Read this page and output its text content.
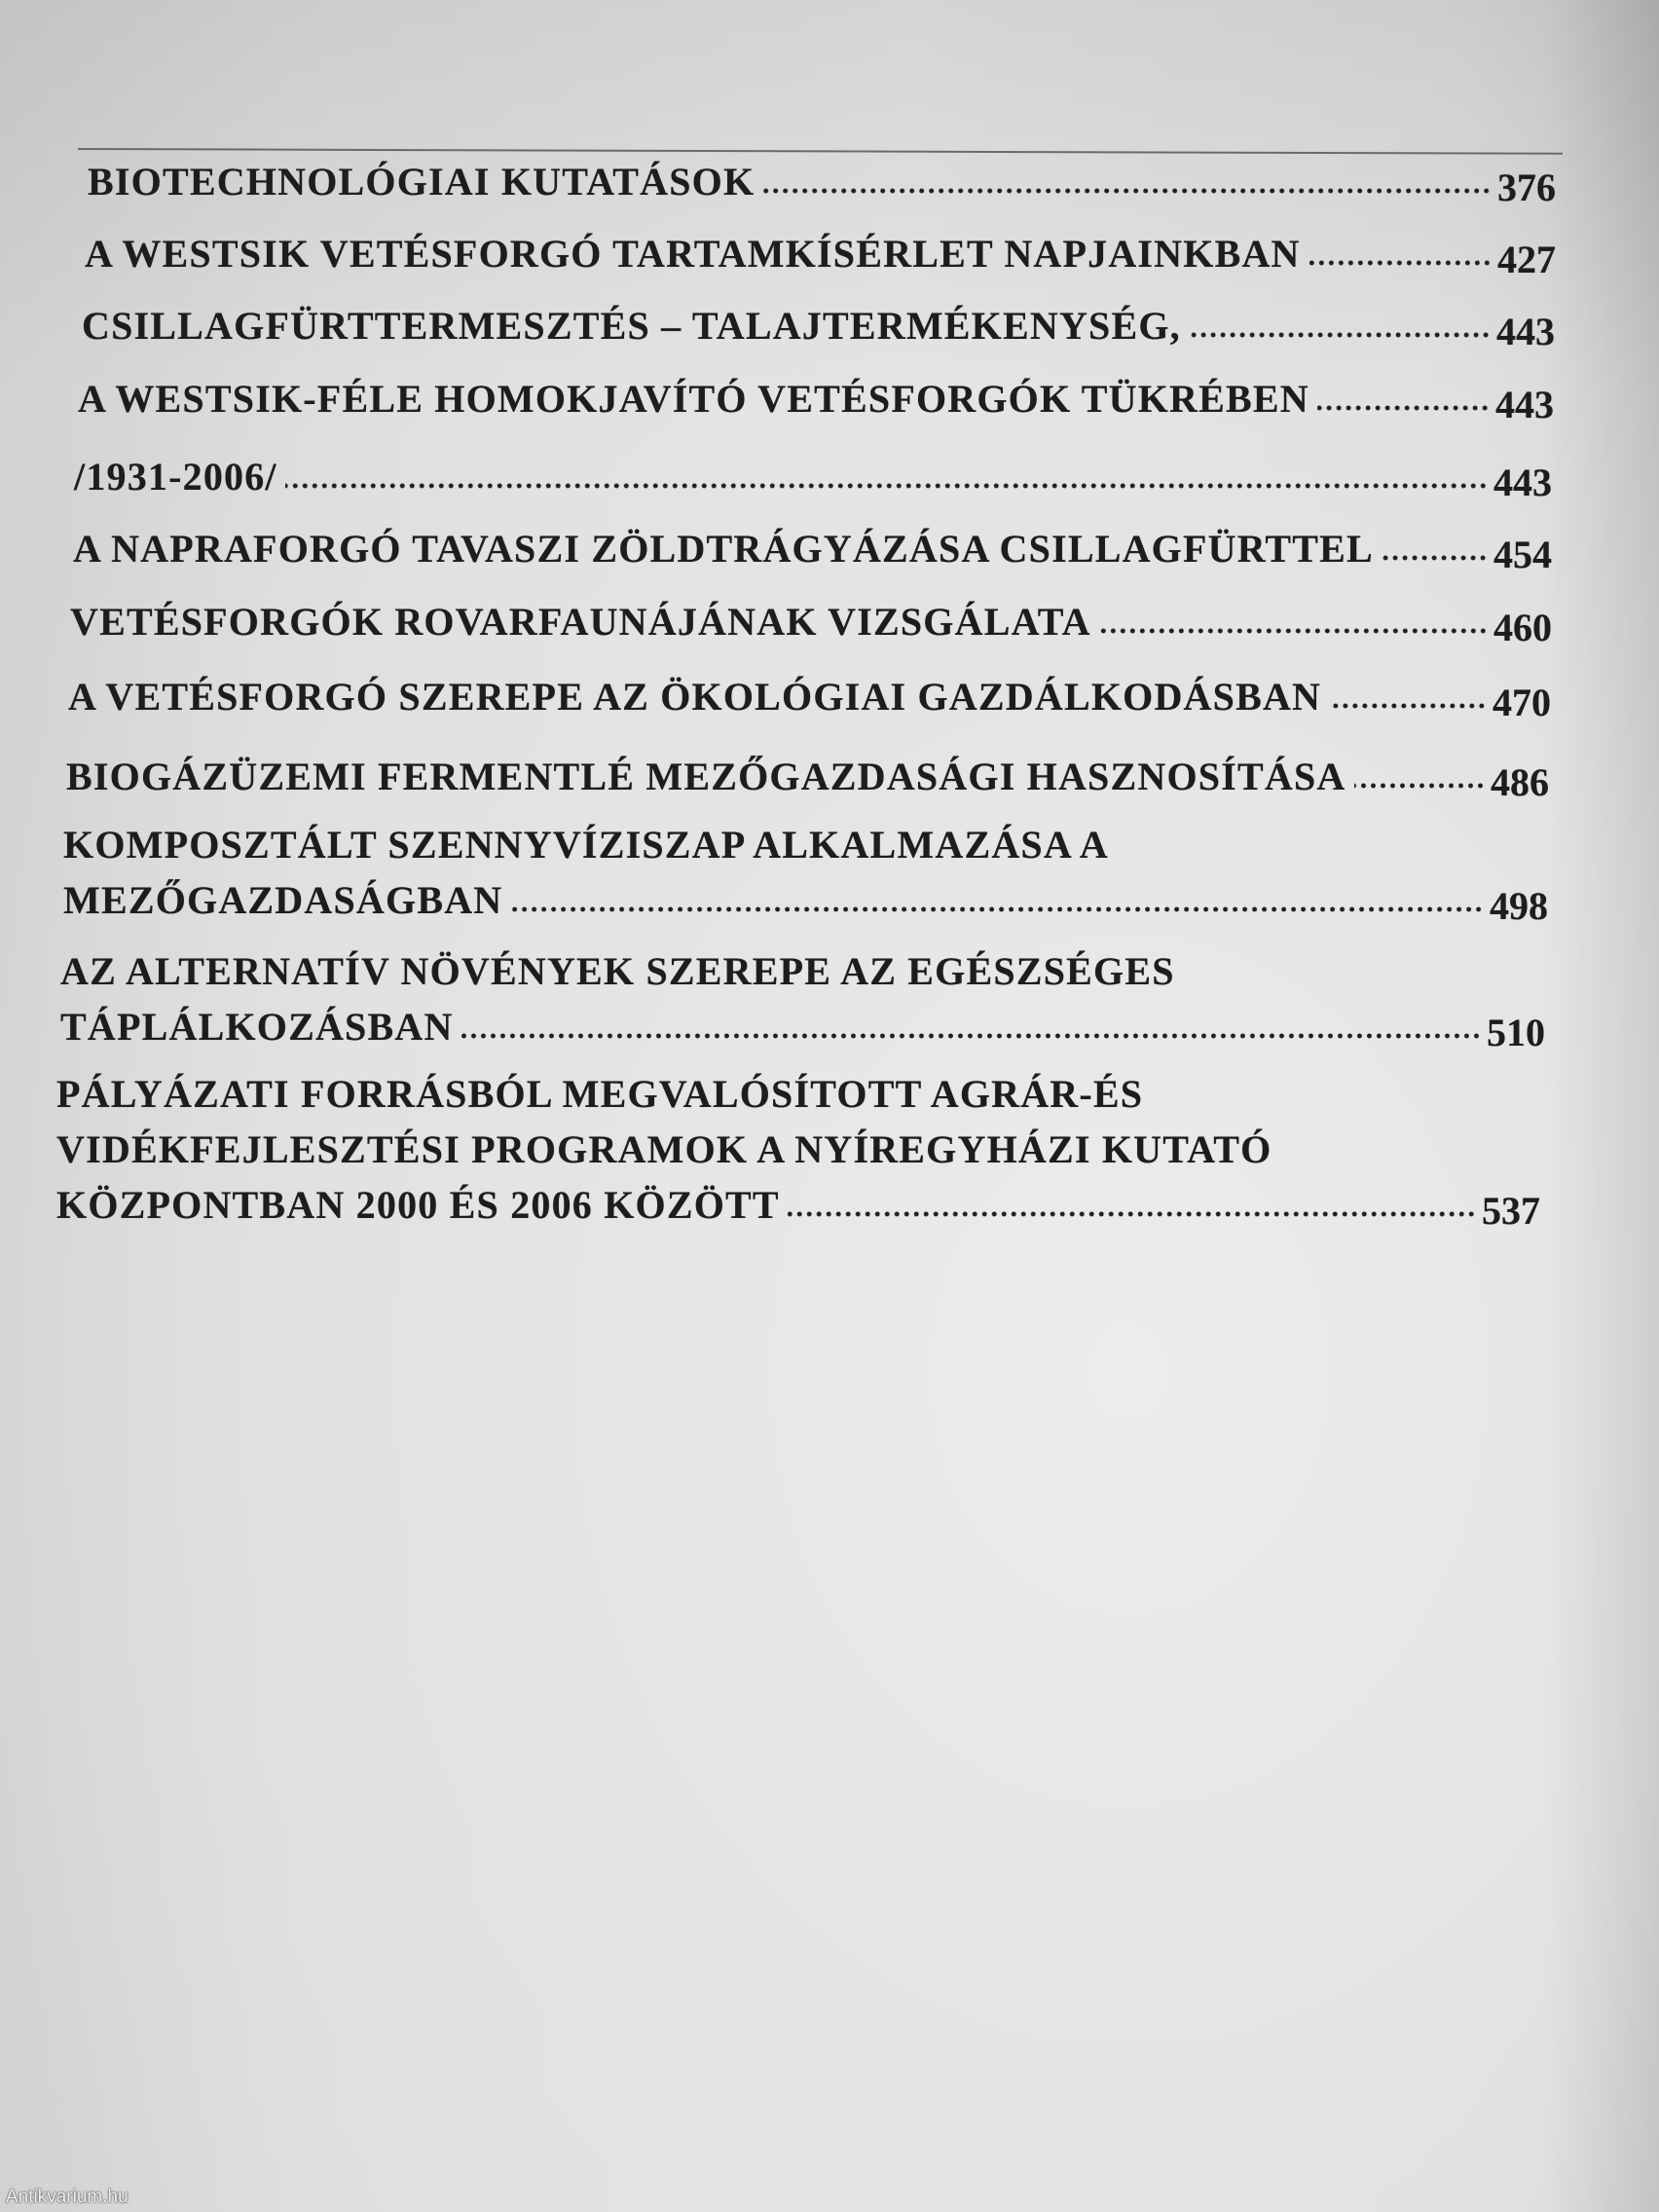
BIOTECHNOLÓGIAI KUTATÁSOK	376
A WESTSIK VETÉSFORGÓ TARTAMKÍSÉRLET NAPJAINKBAN	427
CSILLAGFÜRTTERMESZTÉS – TALAJTERMÉKENYSÉG,	443
A WESTSIK-FÉLE HOMOKJAVÍTÓ VETÉSFORGÓK TÜKRÉBEN	443
/1931-2006/	443
A NAPRAFORGÓ TAVASZI ZÖLDTRÁGYÁZÁSA CSILLAGFÜRTTEL	454
VETÉSFORGÓK ROVARFAUNÁJÁNAK VIZSGÁLATA	460
A VETÉSFORGÓ SZEREPE AZ ÖKOLÓGIAI GAZDÁLKODÁSBAN	470
BIOGÁZÜZEMI FERMENTLÉ MEZŐGAZDASÁGI HASZNOSÍTÁSA	486
KOMPOSZTÁLT SZENNYVÍZISZAP ALKALMAZÁSA A
MEZŐGAZDASÁGBAN	498
AZ ALTERNATÍV NÖVÉNYEK SZEREPE AZ EGÉSZSÉGES
TÁPLÁLKOZÁSBAN	510
PÁLYÁZATI FORRÁSBÓL MEGVALÓSÍTOTT AGRÁR-ÉS
VIDÉKFEJLESZTÉSI PROGRAMOK A NYÍREGYHÁZI KUTATÓ
KÖZPONTBAN 2000 ÉS 2006 KÖZÖTT	537
Antikvarium.hu
